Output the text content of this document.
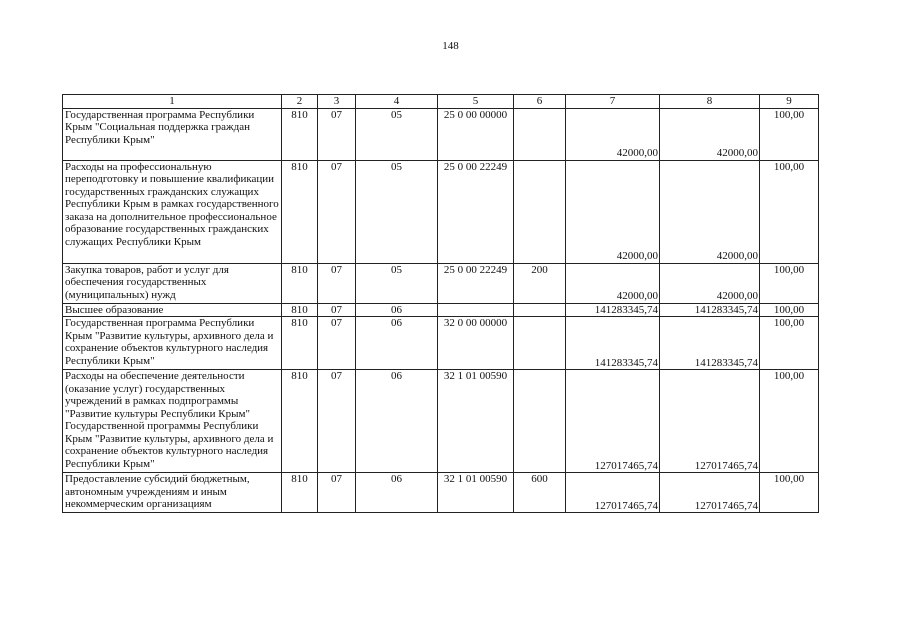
148
1	2	3	4	5	6	7	8	9
Государственная программа Республики Крым "Социальная поддержка граждан Республики Крым"	810	07	05	25 0 00 00000		42000,00	42000,00	100,00
Расходы на профессиональную переподготовку и повышение квалификации государственных гражданских служащих Республики Крым в рамках государственного заказа на дополнительное профессиональное образование государственных гражданских служащих Республики Крым	810	07	05	25 0 00 22249		42000,00	42000,00	100,00
Закупка товаров, работ и услуг для обеспечения государственных (муниципальных) нужд	810	07	05	25 0 00 22249	200	42000,00	42000,00	100,00
Высшее образование	810	07	06			141283345,74	141283345,74	100,00
Государственная программа Республики Крым "Развитие культуры, архивного дела и сохранение объектов культурного наследия Республики Крым"	810	07	06	32 0 00 00000		141283345,74	141283345,74	100,00
Расходы на обеспечение деятельности (оказание услуг) государственных учреждений в рамках подпрограммы "Развитие культуры Республики Крым" Государственной программы Республики Крым "Развитие культуры, архивного дела и сохранение объектов культурного наследия Республики Крым"	810	07	06	32 1 01 00590		127017465,74	127017465,74	100,00
Предоставление субсидий бюджетным, автономным учреждениям и иным некоммерческим организациям	810	07	06	32 1 01 00590	600	127017465,74	127017465,74	100,00
